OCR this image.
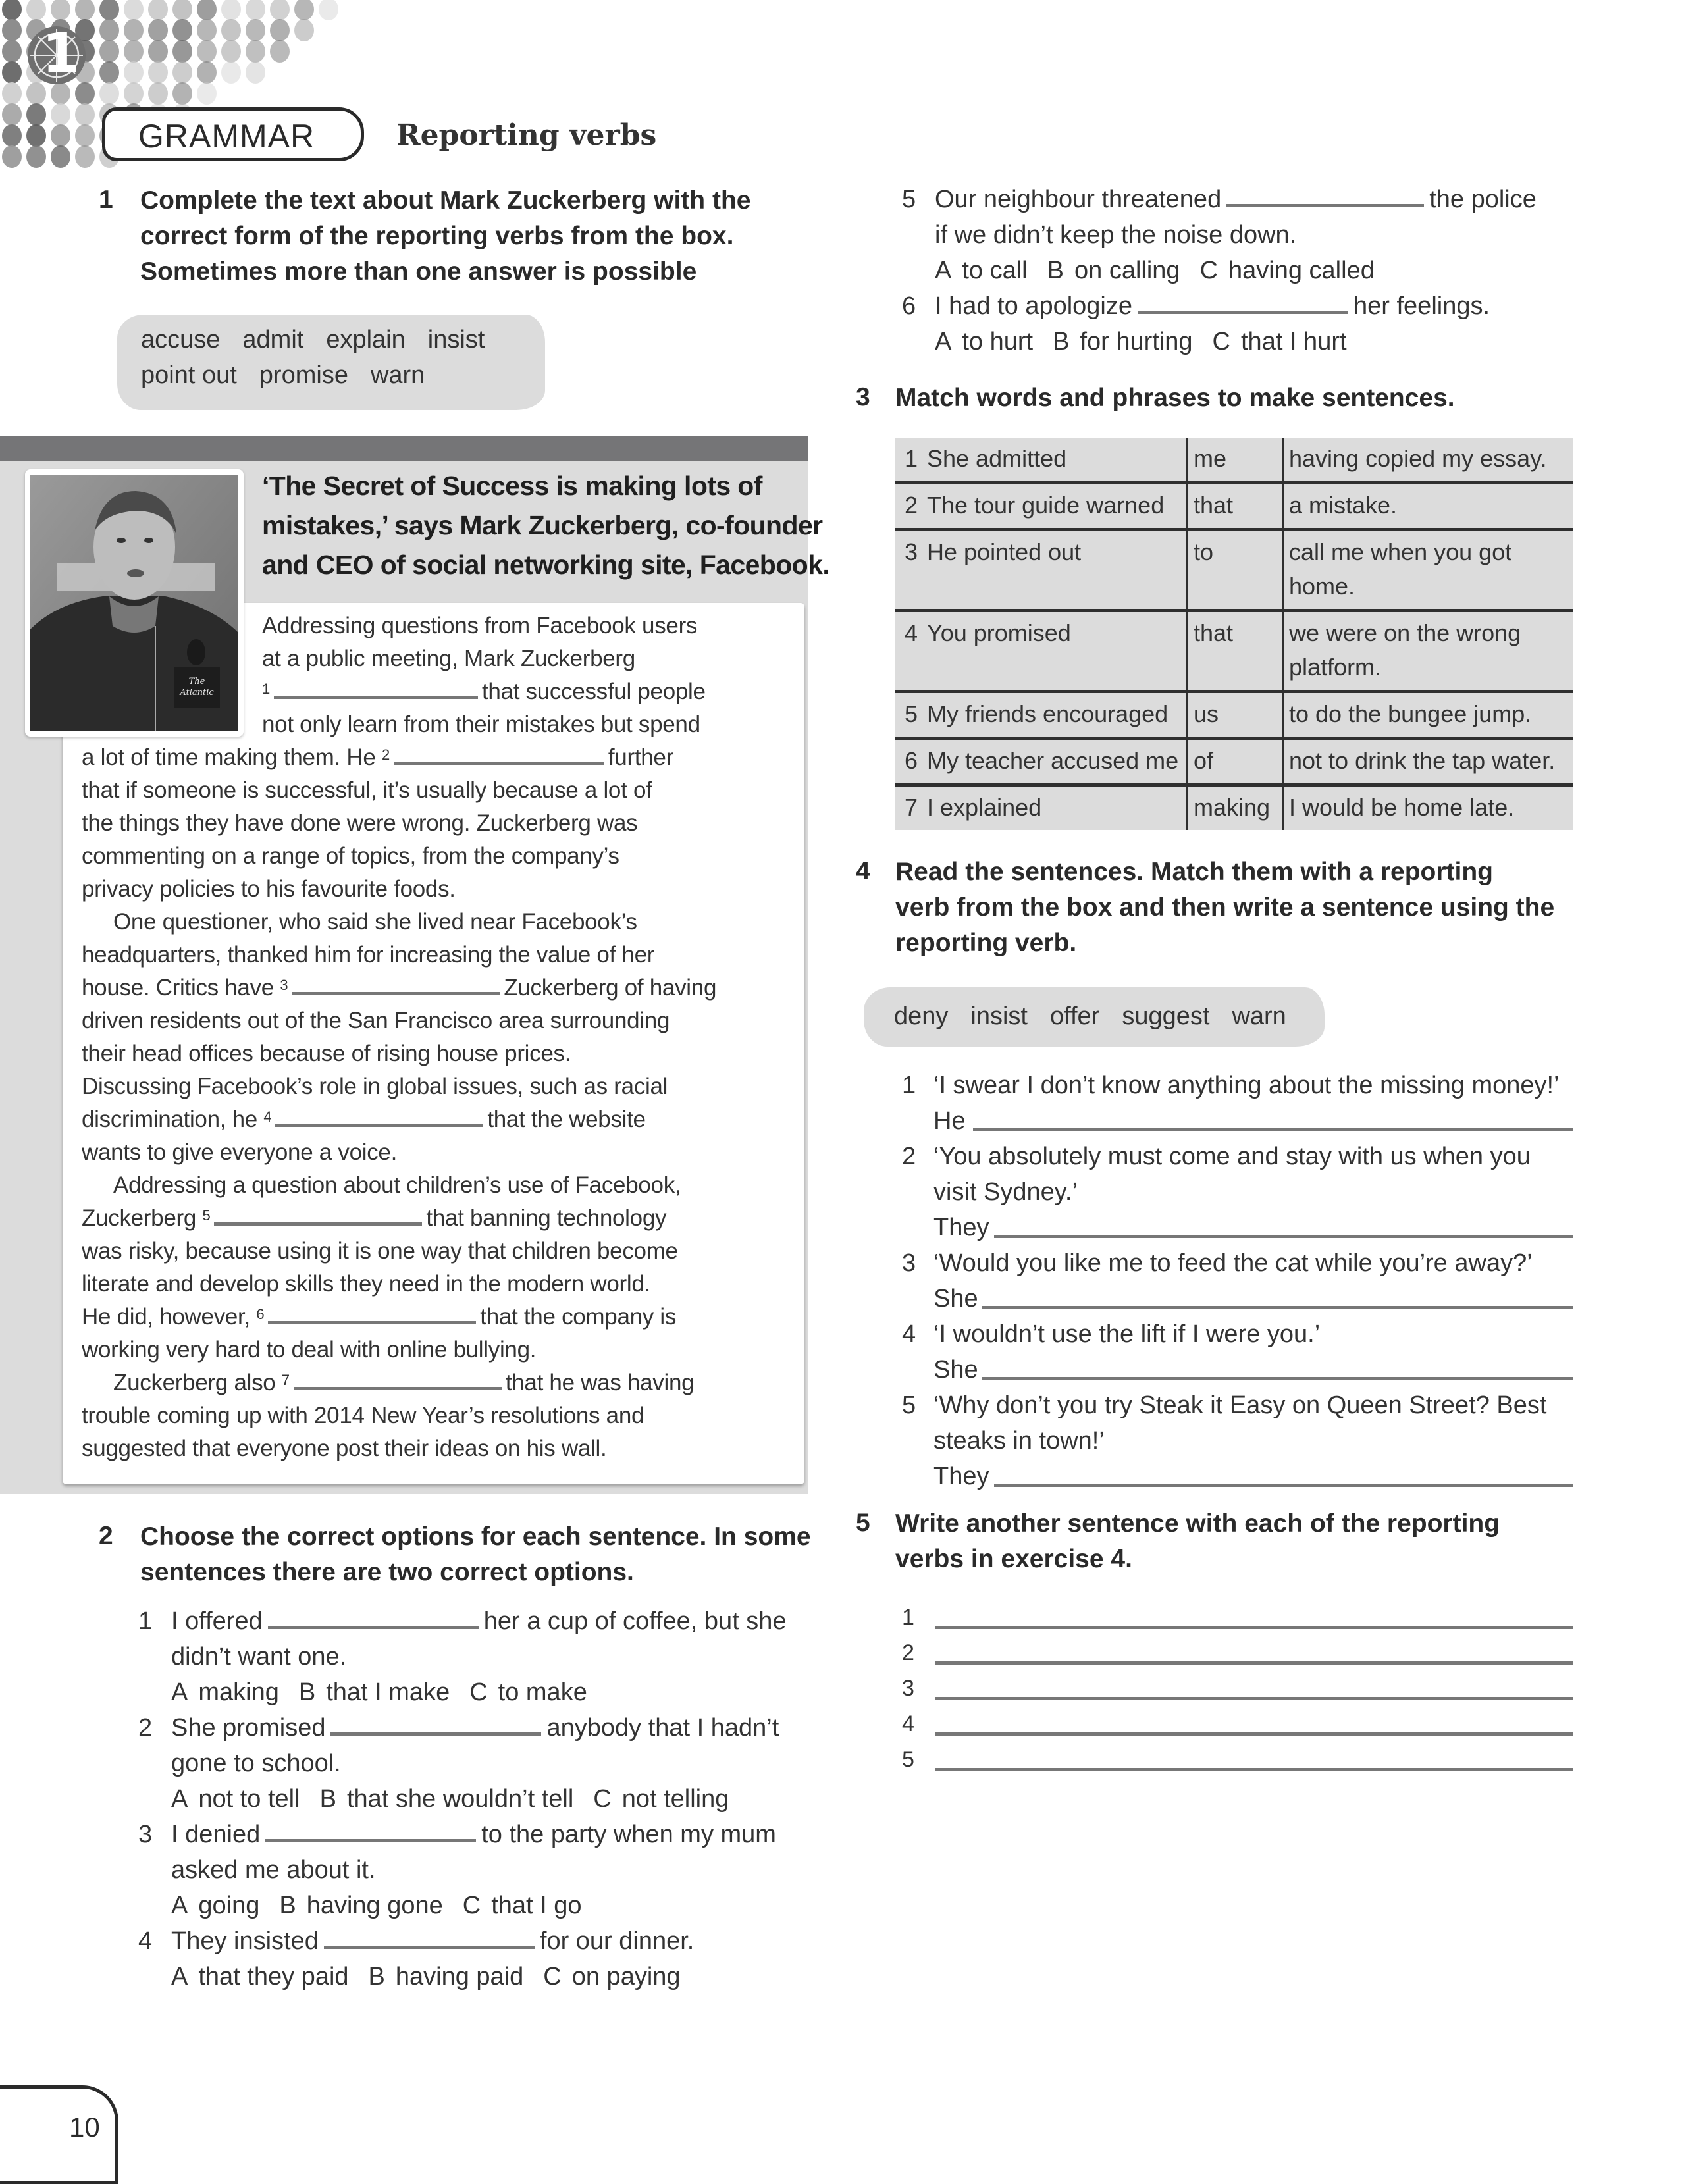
1
GRAMMAR	Reporting verbs
1 Complete the text about Mark Zuckerberg with the
correct form of the reporting verbs from the box.
Sometimes more than one answer is possible
accuse admit explain insist
point out promise warn
The Atlantic
‘The Secret of Success is making lots of
mistakes,’ says Mark Zuckerberg, co-founder
and CEO of social networking site, Facebook.
Addressing questions from Facebook users
at a public meeting, Mark Zuckerberg
$^1$	that successful people
not only learn from their mistakes but spend
a lot of time making them. He $^2$	further
that if someone is successful, it’s usually because a lot of
the things they have done were wrong. Zuckerberg was
commenting on a range of topics, from the company’s
privacy policies to his favourite foods.
One questioner, who said she lived near Facebook’s
headquarters, thanked him for increasing the value of her
house. Critics have $^3$	Zuckerberg of having
driven residents out of the San Francisco area surrounding
their head offices because of rising house prices.
Discussing Facebook’s role in global issues, such as racial
discrimination, he $^4$	that the website
wants to give everyone a voice.
Addressing a question about children’s use of Facebook,
Zuckerberg $^5$	that banning technology
was risky, because using it is one way that children become
literate and develop skills they need in the modern world.
He did, however, $^6$	that the company is
working very hard to deal with online bullying.
Zuckerberg also $^7$	that he was having
trouble coming up with 2014 New Year’s resolutions and
suggested that everyone post their ideas on his wall.
2 Choose the correct options for each sentence. In some
sentences there are two correct options.
1 I offered	her a cup of coffee, but she
didn’t want one.
A making B that I make C to make
2 She promised	anybody that I hadn’t
gone to school.
A not to tell B that she wouldn’t tell C not telling
3 I denied	to the party when my mum
asked me about it.
A going B having gone C that I go
4 They insisted	for our dinner.
A that they paid B having paid C on paying
5 Our neighbour threatened	the police
if we didn’t keep the noise down.
A to call B on calling C having called
6 I had to apologize	her feelings.
A to hurt B for hurting C that I hurt
3 Match words and phrases to make sentences.
1 She admitted	me	having copied my essay.

2 The tour guide warned	that	a mistake.

3 He pointed out	to	call me when you got
home.

4 You promised	that	we were on the wrong
platform.

5 My friends encouraged	us	to do the bungee jump.

6 My teacher accused me	of	not to drink the tap water.

7 I explained	making	I would be home late.
4 Read the sentences. Match them with a reporting
verb from the box and then write a sentence using the
reporting verb.
deny insist offer suggest warn
1 ‘I swear I don’t know anything about the missing money!’
He
2 ‘You absolutely must come and stay with us when you
visit Sydney.’
They
3 ‘Would you like me to feed the cat while you’re away?’
She
4 ‘I wouldn’t use the lift if I were you.’
She
5 ‘Why don’t you try Steak it Easy on Queen Street? Best
steaks in town!’
They
5 Write another sentence with each of the reporting
verbs in exercise 4.
1
2
3
4
5
10
